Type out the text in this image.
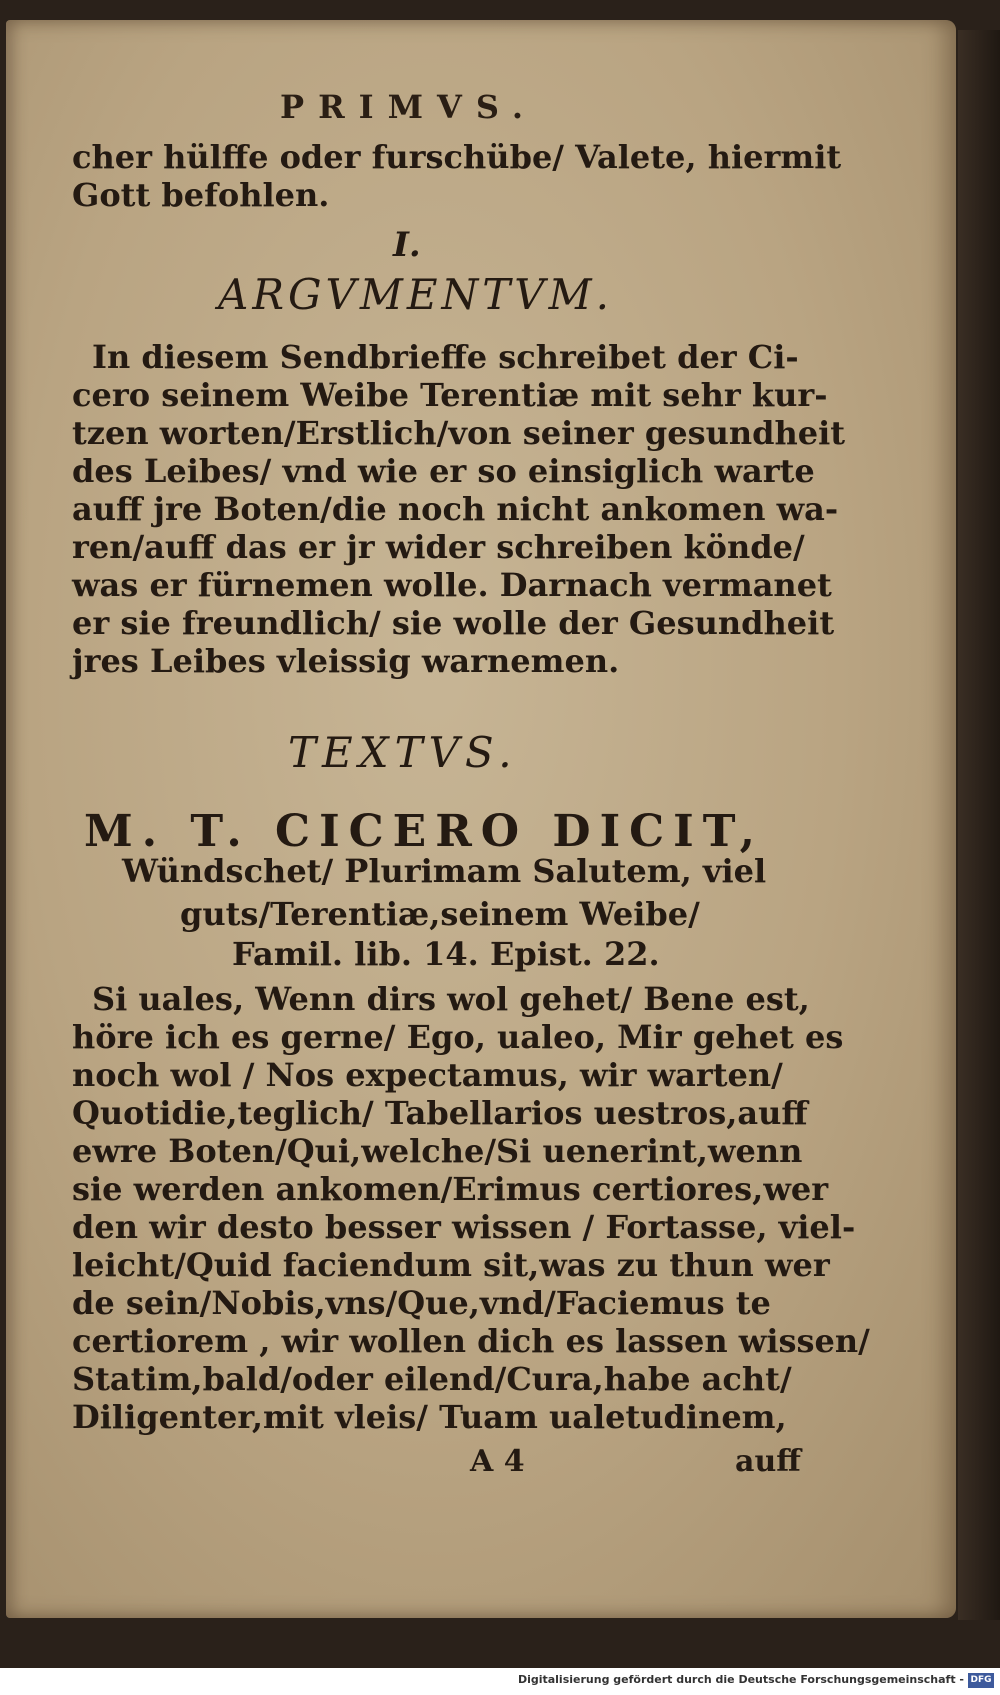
PRIMVS.
cher hülffe oder furschübe/ Valete, hiermit
Gott befohlen.
I.
ARGVMENTVM.
In diesem Sendbrieffe schreibet der Ci-
cero seinem Weibe Terentiæ mit sehr kur-
tzen worten/Erstlich/von seiner gesundheit
des Leibes/ vnd wie er so einsiglich warte
auff jre Boten/die noch nicht ankomen wa-
ren/auff das er jr wider schreiben könde/
was er fürnemen wolle. Darnach vermanet
er sie freundlich/ sie wolle der Gesundheit
jres Leibes vleissig warnemen.
TEXTVS.
M. T. CICERO DICIT,
Wündschet/ Plurimam Salutem, viel
guts/Terentiæ,seinem Weibe/
Famil. lib. 14. Epist. 22.
Si uales, Wenn dirs wol gehet/ Bene est,
höre ich es gerne/ Ego, ualeo, Mir gehet es
noch wol / Nos expectamus, wir warten/
Quotidie,teglich/ Tabellarios uestros,auff
ewre Boten/Qui,welche/Si uenerint,wenn
sie werden ankomen/Erimus certiores,wer
den wir desto besser wissen / Fortasse, viel-
leicht/Quid faciendum sit,was zu thun wer
de sein/Nobis,vns/Que,vnd/Faciemus te
certiorem , wir wollen dich es lassen wissen/
Statim,bald/oder eilend/Cura,habe acht/
Diligenter,mit vleis/ Tuam ualetudinem,
A 4	auff
Digitalisierung gefördert durch die Deutsche Forschungsgemeinschaft - DFG
